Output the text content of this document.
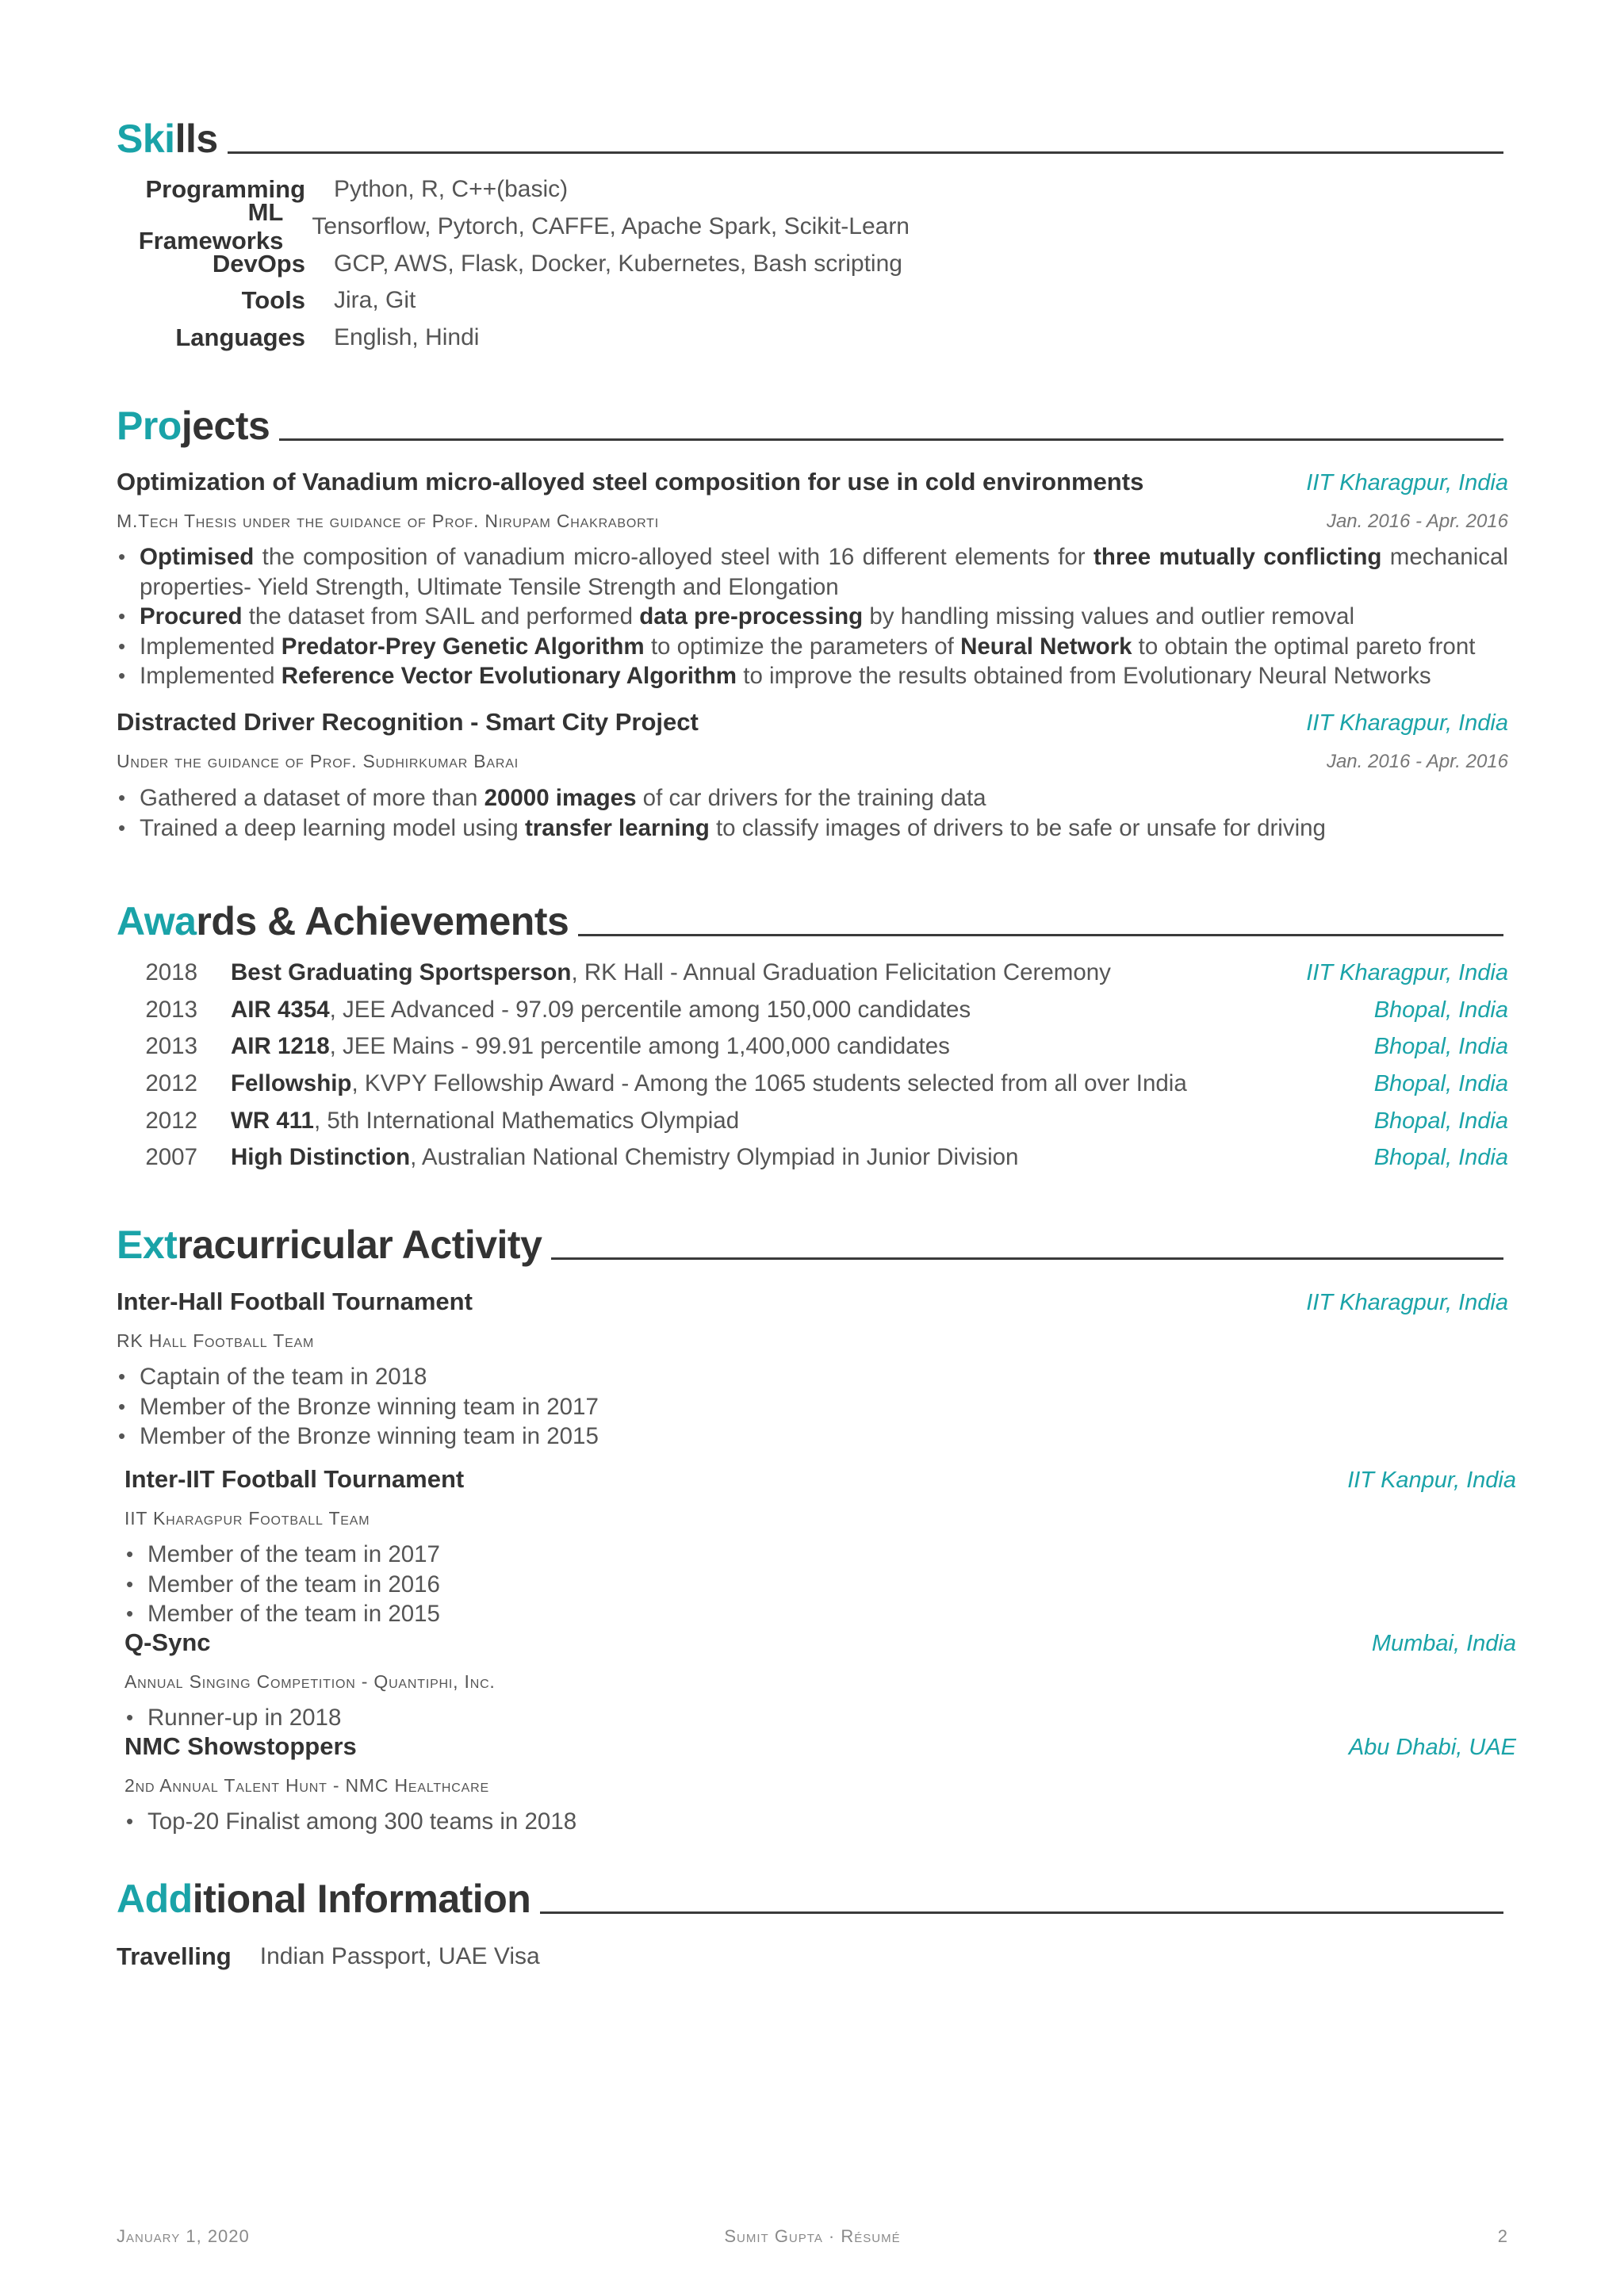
Skills
Programming Python, R, C++(basic)
ML Frameworks
Tensorflow, Pytorch, CAFFE, Apache Spark, Scikit-Learn
DevOps GCP, AWS, Flask, Docker, Kubernetes, Bash scripting
Tools Jira, Git
Languages English, Hindi
Projects
Optimization of Vanadium micro-alloyed steel composition for use in cold environments	IIT Kharagpur, India
M.Tech Thesis under the guidance of Prof. Nirupam Chakraborti	Jan. 2016 - Apr. 2016
• Optimised the composition of vanadium micro-alloyed steel with 16 different elements for three mutually conflicting mechanical properties- Yield Strength, Ultimate Tensile Strength and Elongation
• Procured the dataset from SAIL and performed data pre-processing by handling missing values and outlier removal
• Implemented Predator-Prey Genetic Algorithm to optimize the parameters of Neural Network to obtain the optimal pareto front
• Implemented Reference Vector Evolutionary Algorithm to improve the results obtained from Evolutionary Neural Networks
Distracted Driver Recognition - Smart City Project	IIT Kharagpur, India
Under the guidance of Prof. Sudhirkumar Barai	Jan. 2016 - Apr. 2016
• Gathered a dataset of more than 20000 images of car drivers for the training data
• Trained a deep learning model using transfer learning to classify images of drivers to be safe or unsafe for driving
Awards & Achievements
2018 Best Graduating Sportsperson, RK Hall - Annual Graduation Felicitation Ceremony	IIT Kharagpur, India
2013 AIR 4354, JEE Advanced - 97.09 percentile among 150,000 candidates	Bhopal, India
2013 AIR 1218, JEE Mains - 99.91 percentile among 1,400,000 candidates	Bhopal, India
2012 Fellowship, KVPY Fellowship Award - Among the 1065 students selected from all over India	Bhopal, India
2012 WR 411, 5th International Mathematics Olympiad	Bhopal, India
2007 High Distinction, Australian National Chemistry Olympiad in Junior Division	Bhopal, India
Extracurricular Activity
Inter-Hall Football Tournament	IIT Kharagpur, India
RK Hall Football Team
• Captain of the team in 2018
• Member of the Bronze winning team in 2017
• Member of the Bronze winning team in 2015
Inter-IIT Football Tournament	IIT Kanpur, India
IIT Kharagpur Football Team
• Member of the team in 2017
• Member of the team in 2016
• Member of the team in 2015
Q-Sync	Mumbai, India
Annual Singing Competition - Quantiphi, Inc.
• Runner-up in 2018
NMC Showstoppers	Abu Dhabi, UAE
2nd Annual Talent Hunt - NMC Healthcare
• Top-20 Finalist among 300 teams in 2018
Additional Information
Travelling Indian Passport, UAE Visa
January 1, 2020	Sumit Gupta · Résumé	2
